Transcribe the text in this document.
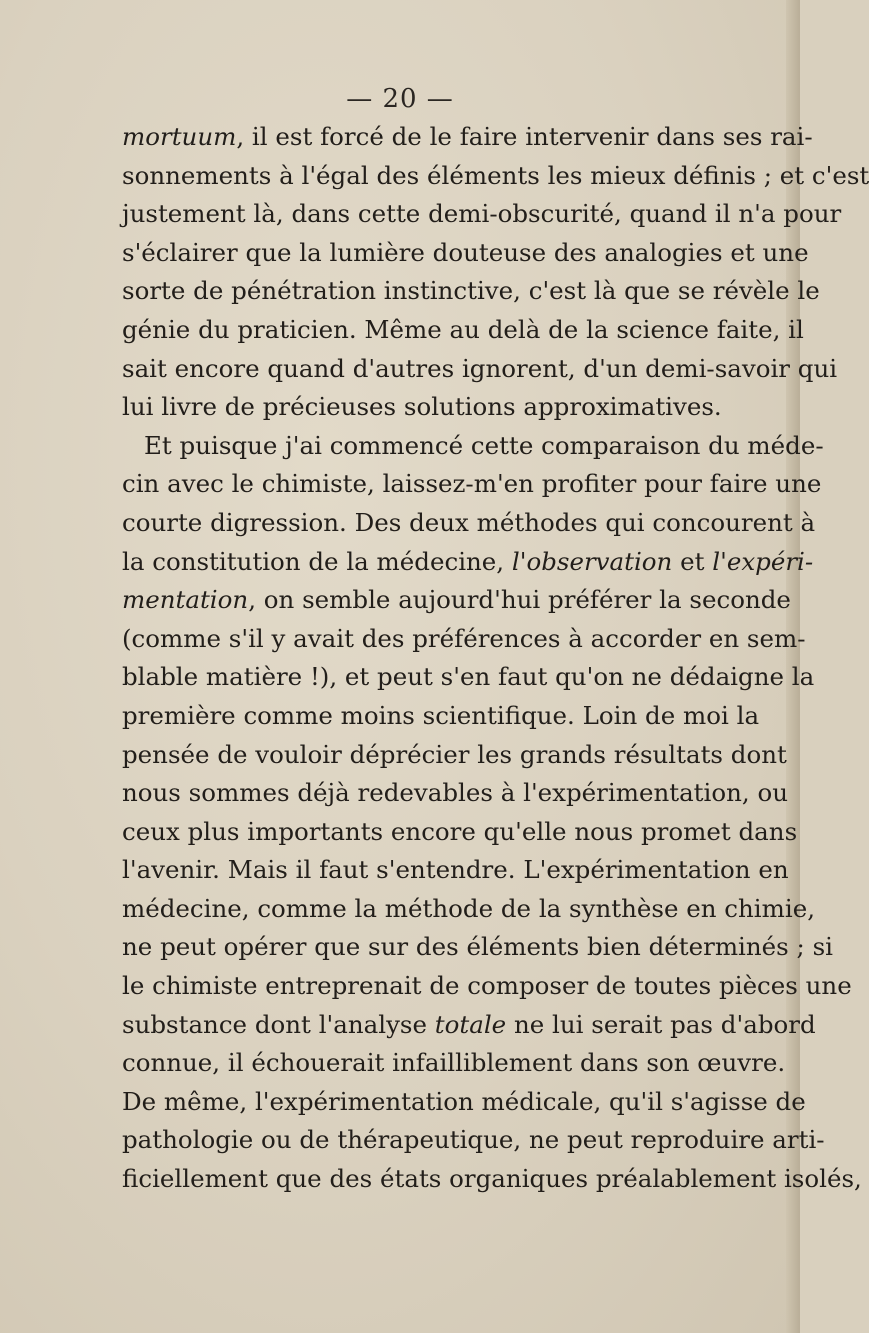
— 20 —
mortuum, il est forcé de le faire intervenir dans ses rai-
sonnements à l'égal des éléments les mieux définis ; et c'est
justement là, dans cette demi-obscurité, quand il n'a pour
s'éclairer que la lumière douteuse des analogies et une
sorte de pénétration instinctive, c'est là que se révèle le
génie du praticien. Même au delà de la science faite, il
sait encore quand d'autres ignorent, d'un demi-savoir qui
lui livre de précieuses solutions approximatives.
Et puisque j'ai commencé cette comparaison du méde-
cin avec le chimiste, laissez-m'en profiter pour faire une
courte digression. Des deux méthodes qui concourent à
la constitution de la médecine, l'observation et l'expéri-
mentation, on semble aujourd'hui préférer la seconde
(comme s'il y avait des préférences à accorder en sem-
blable matière !), et peut s'en faut qu'on ne dédaigne la
première comme moins scientifique. Loin de moi la
pensée de vouloir déprécier les grands résultats dont
nous sommes déjà redevables à l'expérimentation, ou
ceux plus importants encore qu'elle nous promet dans
l'avenir. Mais il faut s'entendre. L'expérimentation en
médecine, comme la méthode de la synthèse en chimie,
ne peut opérer que sur des éléments bien déterminés ; si
le chimiste entreprenait de composer de toutes pièces une
substance dont l'analyse totale ne lui serait pas d'abord
connue, il échouerait infailliblement dans son œuvre.
De même, l'expérimentation médicale, qu'il s'agisse de
pathologie ou de thérapeutique, ne peut reproduire arti-
ficiellement que des états organiques préalablement isolés,
